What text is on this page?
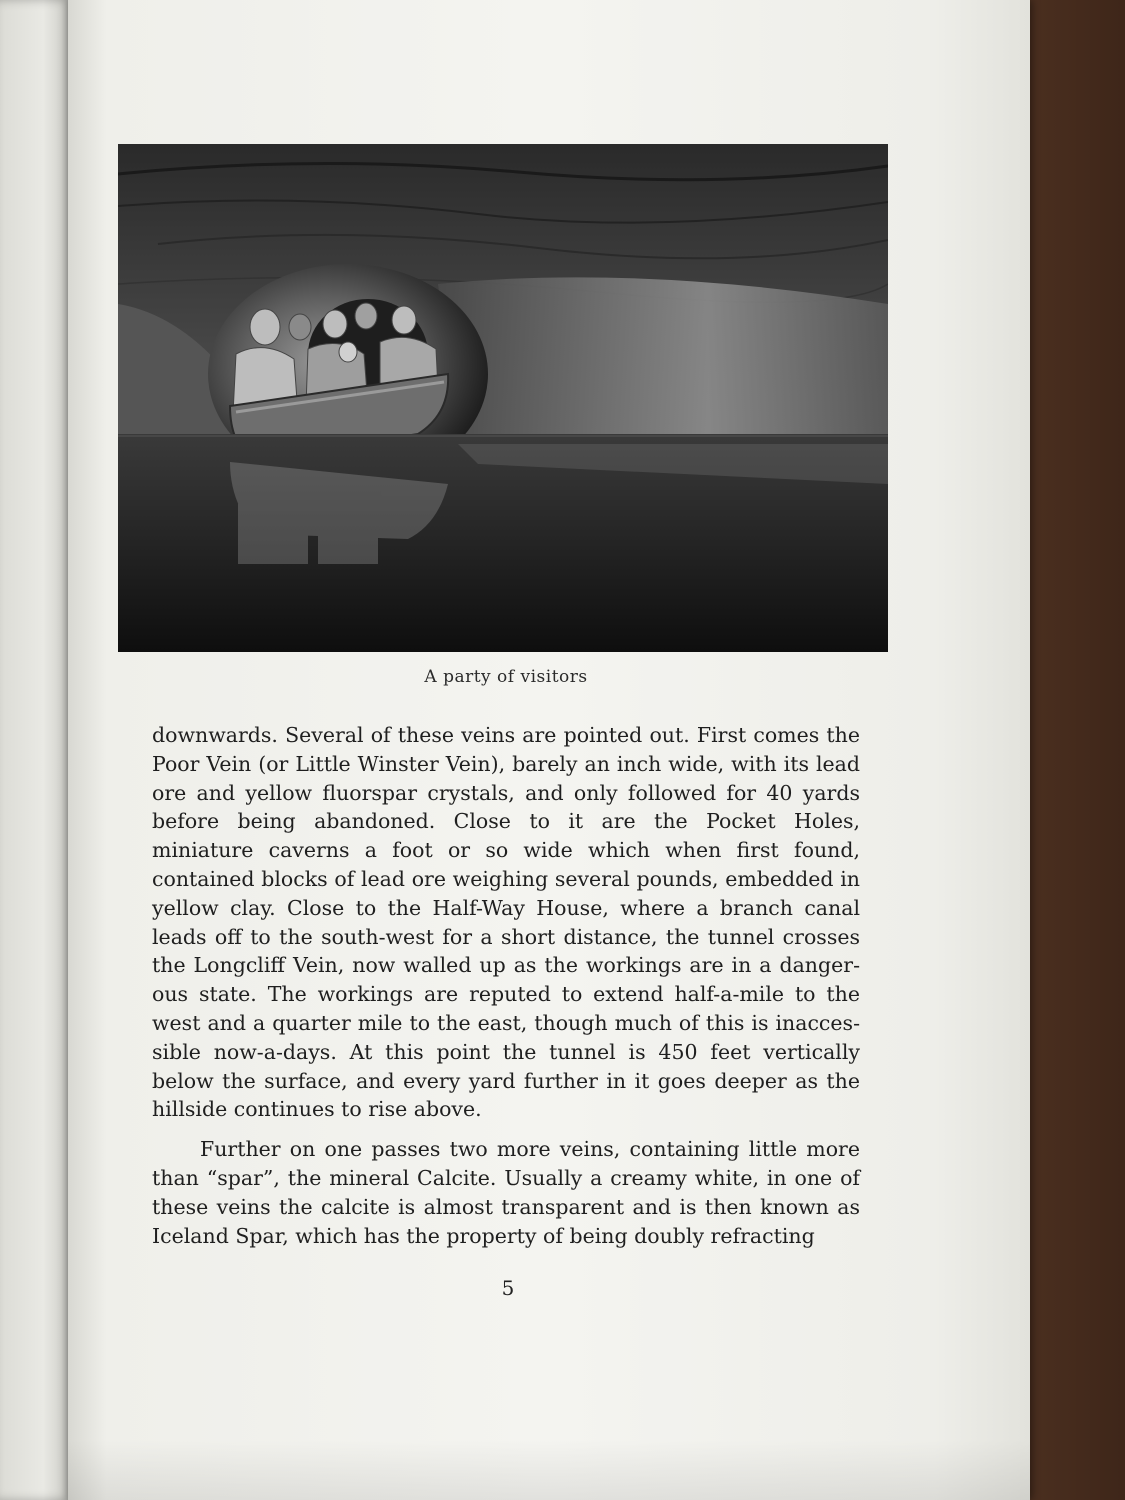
A party of visitors

downwards. Several of these veins are pointed out. First comes the Poor Vein (or Little Winster Vein), barely an inch wide, with its lead ore and yellow fluorspar crystals, and only followed for 40 yards before being abandoned. Close to it are the Pocket Holes, miniature caverns a foot or so wide which when first found, contained blocks of lead ore weighing several pounds, embedded in yellow clay. Close to the Half-Way House, where a branch canal leads off to the south-west for a short distance, the tunnel crosses the Longcliff Vein, now walled up as the workings are in a danger-ous state. The workings are reputed to extend half-a-mile to the west and a quarter mile to the east, though much of this is inacces-sible now-a-days. At this point the tunnel is 450 feet vertically below the surface, and every yard further in it goes deeper as the hillside continues to rise above.

Further on one passes two more veins, containing little more than “spar”, the mineral Calcite. Usually a creamy white, in one of these veins the calcite is almost transparent and is then known as Iceland Spar, which has the property of being doubly refracting

5
